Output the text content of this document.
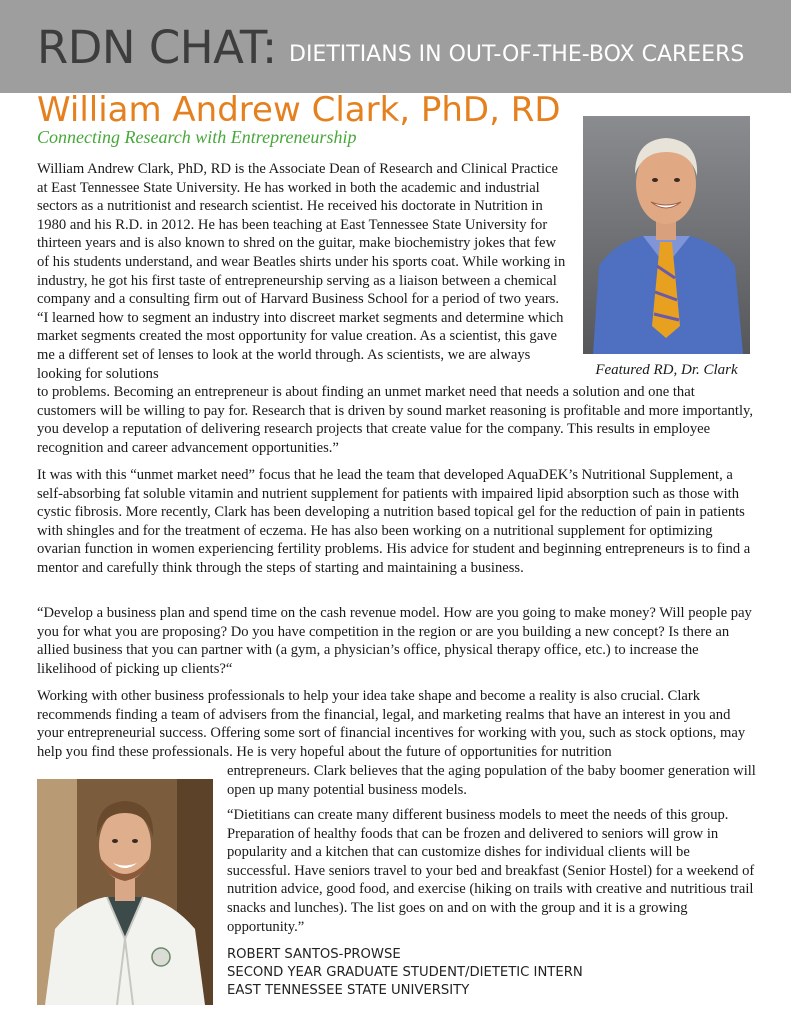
RDN CHAT: DIETITIANS IN OUT-OF-THE-BOX CAREERS
William Andrew Clark, PhD, RD
Connecting Research with Entrepreneurship
Featured RD, Dr. Clark

William Andrew Clark, PhD, RD is the Associate Dean of Research and Clinical Practice at East Tennessee State University. He has worked in both the academic and industrial sectors as a nutritionist and research scientist. He received his doctorate in Nutrition in 1980 and his R.D. in 2012. He has been teaching at East Tennessee State University for thirteen years and is also known to shred on the guitar, make biochemistry jokes that few of his students understand, and wear Beatles shirts under his sports coat. While working in industry, he got his first taste of entrepreneurship serving as a liaison between a chemical company and a consulting firm out of Harvard Business School for a period of two years. “I learned how to segment an industry into discreet market segments and determine which market segments created the most opportunity for value creation. As a scientist, this gave me a different set of lenses to look at the world through. As scientists, we are always looking for solutions

to problems. Becoming an entrepreneur is about finding an unmet market need that needs a solution and one that customers will be willing to pay for. Research that is driven by sound market reasoning is profitable and more importantly, you develop a reputation of delivering research projects that create value for the company. This results in employee recognition and career advancement opportunities.”

It was with this “unmet market need” focus that he lead the team that developed AquaDEK’s Nutritional Supplement, a self-absorbing fat soluble vitamin and nutrient supplement for patients with impaired lipid absorption such as those with cystic fibrosis. More recently, Clark has been developing a nutrition based topical gel for the reduction of pain in patients with shingles and for the treatment of eczema. He has also been working on a nutritional supplement for optimizing ovarian function in women experiencing fertility problems. His advice for student and beginning entrepreneurs is to find a mentor and carefully think through the steps of starting and maintaining a business.

“Develop a business plan and spend time on the cash revenue model. How are you going to make money? Will people pay you for what you are proposing? Do you have competition in the region or are you building a new concept? Is there an allied business that you can partner with (a gym, a physician’s office, physical therapy office, etc.) to increase the likelihood of picking up clients?“

Working with other business professionals to help your idea take shape and become a reality is also crucial. Clark recommends finding a team of advisers from the financial, legal, and marketing realms that have an interest in you and your entrepreneurial success. Offering some sort of financial incentives for working with you, such as stock options, may help you find these professionals. He is very hopeful about the future of opportunities for nutrition

entrepreneurs. Clark believes that the aging population of the baby boomer generation will open up many potential business models.

“Dietitians can create many different business models to meet the needs of this group. Preparation of healthy foods that can be frozen and delivered to seniors will grow in popularity and a kitchen that can customize dishes for individual clients will be successful. Have seniors travel to your bed and breakfast (Senior Hostel) for a weekend of nutrition advice, good food, and exercise (hiking on trails with creative and nutritious trail snacks and lunches). The list goes on and on with the group and it is a growing opportunity.”

ROBERT SANTOS-PROWSE
SECOND YEAR GRADUATE STUDENT/DIETETIC INTERN
EAST TENNESSEE STATE UNIVERSITY
